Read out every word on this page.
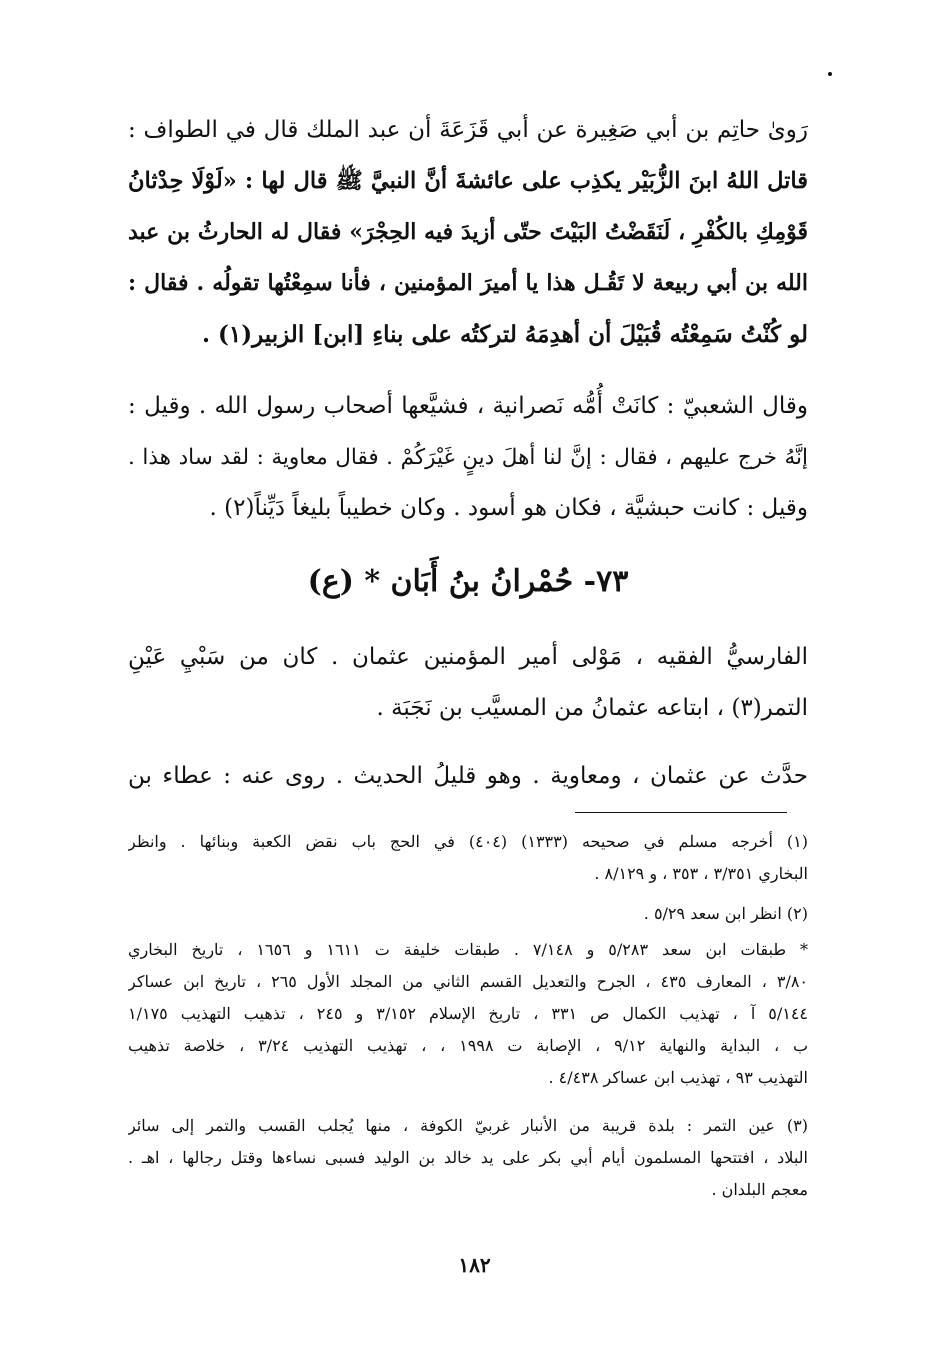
رَوىٰ حاتِم بن أبي صَغِيرة عن أبي قَزَعَةَ أن عبد الملك قال في الطواف :
قاتل اللهُ ابنَ الزُّبَيْر يكذِب على عائشةَ أنَّ النبيَّ ﷺ قال لها : «لَوْلَا حِدْثانُ
قَوْمِكِ بالكُفْرِ ، لَنَقَضْتُ البَيْتَ حتّى أزيدَ فيه الحِجْرَ» فقال له الحارثُ بن عبد
الله بن أبي ربيعة لا تَقُـل هذا يا أميرَ المؤمنين ، فأنا سمِعْتُها تقولُه . فقال :
لو كُنْتُ سَمِعْتُه قُبَيْلَ أن أهدِمَهُ لتركتُه على بناءِ [ابن] الزبير(١) .
وقال الشعبيّ : كانَتْ أُمُّه نَصرانية ، فشيَّعها أصحاب رسول الله . وقيل :
إنَّهُ خرج عليهم ، فقال : إنَّ لنا أهلَ دينٍ غَيْرَكُمْ . فقال معاوية : لقد ساد هذا .
وقيل : كانت حبشيَّة ، فكان هو أسود . وكان خطيباً بليغاً دَيِّناً(٢) .
٧٣- حُمْرانُ بنُ أَبَان * (ع)
الفارسيُّ الفقيه ، مَوْلى أمير المؤمنين عثمان . كان من سَبْيِ عَيْنِ
التمر(٣) ، ابتاعه عثمانُ من المسيَّب بن نَجَبَة .
حدَّث عن عثمان ، ومعاوية . وهو قليلُ الحديث . روى عنه : عطاء بن
(١) أخرجه مسلم في صحيحه (١٣٣٣) (٤٠٤) في الحج باب نقض الكعبة وبنائها . وانظر
البخاري ٣/٣٥١ ، ٣٥٣ ، و ٨/١٢٩ .
(٢) انظر ابن سعد ٥/٢٩ .
* طبقات ابن سعد ٥/٢٨٣ و ٧/١٤٨ . طبقات خليفة ت ١٦١١ و ١٦٥٦ ، تاريخ البخاري
٣/٨٠ ، المعارف ٤٣٥ ، الجرح والتعديل القسم الثاني من المجلد الأول ٢٦٥ ، تاريخ ابن عساكر
٥/١٤٤ آ ، تهذيب الكمال ص ٣٣١ ، تاريخ الإسلام ٣/١٥٢ و ٢٤٥ ، تذهيب التهذيب ١/١٧٥
ب ، البداية والنهاية ٩/١٢ ، الإصابة ت ١٩٩٨ ، ، تهذيب التهذيب ٣/٢٤ ، خلاصة تذهيب
التهذيب ٩٣ ، تهذيب ابن عساكر ٤/٤٣٨ .
(٣) عين التمر : بلدة قريبة من الأنبار غربيّ الكوفة ، منها يُجلب القسب والتمر إلى سائر
البلاد ، افتتحها المسلمون أيام أبي بكر على يد خالد بن الوليد فسبى نساءها وقتل رجالها ، اهـ .
معجم البلدان .
١٨٢
